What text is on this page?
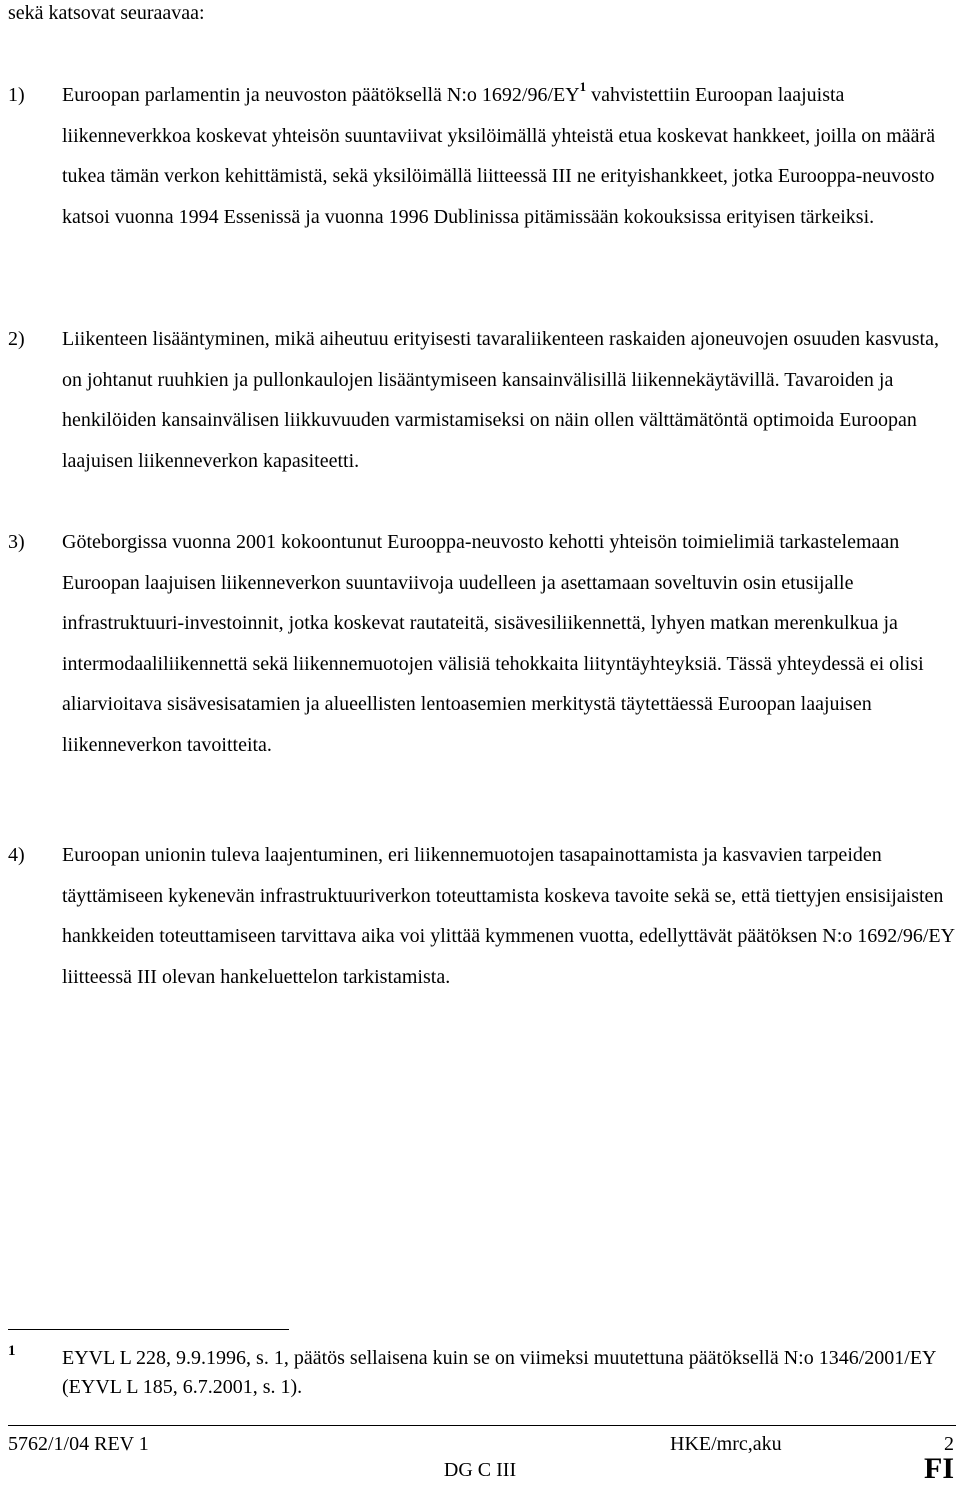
sekä katsovat seuraavaa:
1) Euroopan parlamentin ja neuvoston päätöksellä N:o $1692/96/EY^1$ vahvistettiin Euroopan laajuista liikenneverkkoa koskevat yhteisön suuntaviivat yksilöimällä yhteistä etua koskevat hankkeet, joilla on määrä tukea tämän verkon kehittämistä, sekä yksilöimällä liitteessä III ne erityishankkeet, jotka Eurooppa-neuvosto katsoi vuonna 1994 Essenissä ja vuonna 1996 Dublinissa pitämissään kokouksissa erityisen tärkeiksi.
2) Liikenteen lisääntyminen, mikä aiheutuu erityisesti tavaraliikenteen raskaiden ajoneuvojen osuuden kasvusta, on johtanut ruuhkien ja pullonkaulojen lisääntymiseen kansainvälisillä liikennekäytävillä. Tavaroiden ja henkilöiden kansainvälisen liikkuvuuden varmistamiseksi on näin ollen välttämätöntä optimoida Euroopan laajuisen liikenneverkon kapasiteetti.
3) Göteborgissa vuonna 2001 kokoontunut Eurooppa-neuvosto kehotti yhteisön toimielimiä tarkastelemaan Euroopan laajuisen liikenneverkon suuntaviivoja uudelleen ja asettamaan soveltuvin osin etusijalle infrastruktuuri-investoinnit, jotka koskevat rautateitä, sisävesiliikennettä, lyhyen matkan merenkulkua ja intermodaaliliikennettä sekä liikennemuotojen välisiä tehokkaita liityntäyhteyksiä. Tässä yhteydessä ei olisi aliarvioitava sisävesisatamien ja alueellisten lentoasemien merkitystä täytettäessä Euroopan laajuisen liikenneverkon tavoitteita.
4) Euroopan unionin tuleva laajentuminen, eri liikennemuotojen tasapainottamista ja kasvavien tarpeiden täyttämiseen kykenevän infrastruktuuriverkon toteuttamista koskeva tavoite sekä se, että tiettyjen ensisijaisten hankkeiden toteuttamiseen tarvittava aika voi ylittää kymmenen vuotta, edellyttävät päätöksen N:o 1692/96/EY liitteessä III olevan hankeluettelon tarkistamista.
1 EYVL L 228, 9.9.1996, s. 1, päätös sellaisena kuin se on viimeksi muutettuna päätöksellä N:o 1346/2001/EY (EYVL L 185, 6.7.2001, s. 1).
5762/1/04 REV 1	HKE/mrc,aku	2
DG C III	FI
